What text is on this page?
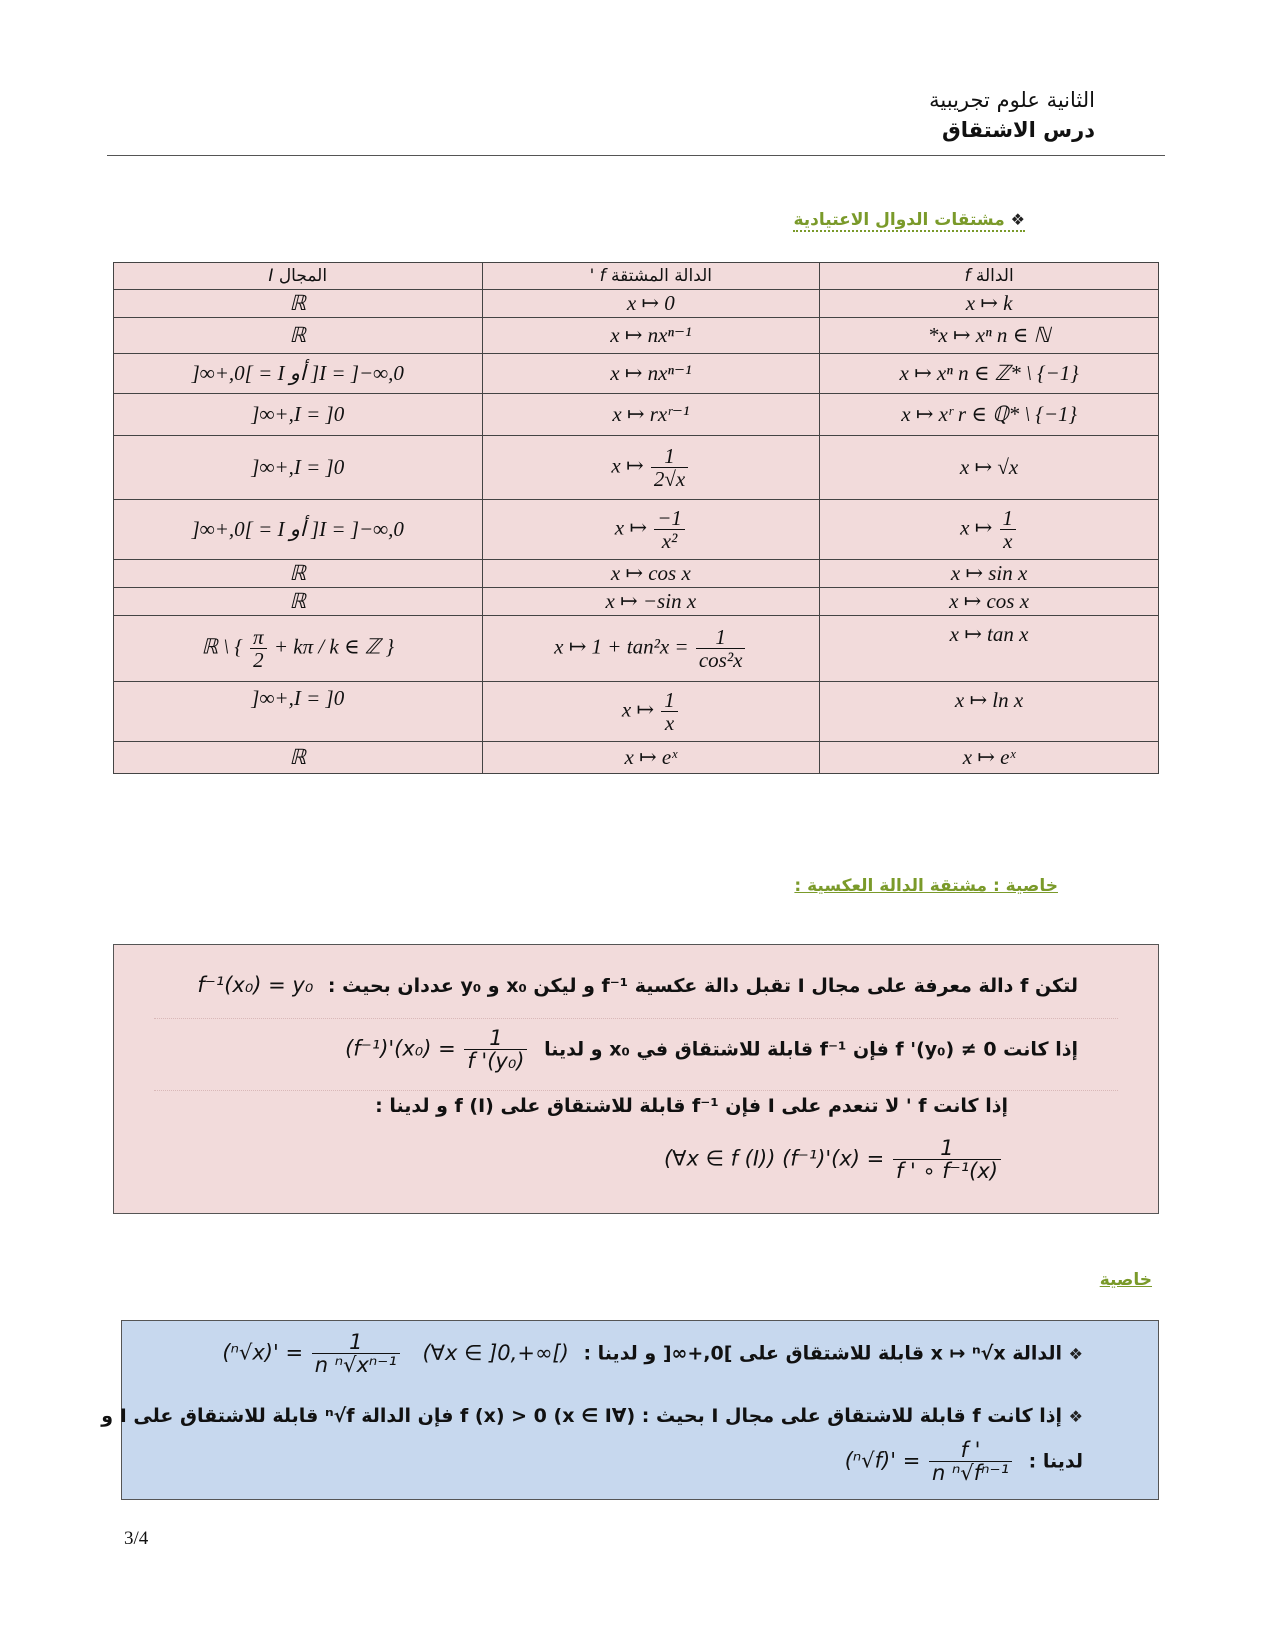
الثانية علوم تجريبية
درس الاشتقاق
❖ مشتقات الدوال الاعتيادية
الدالة f	الدالة المشتقة f '	المجال I
x ↦ k	x ↦ 0	ℝ
x ↦ xⁿ n ∈ ℕ*	x ↦ nxⁿ⁻¹	ℝ
x ↦ xⁿ n ∈ ℤ* \ {−1}	x ↦ nxⁿ⁻¹	I = ]−∞,0[ أو I = ]0,+∞[
x ↦ xʳ r ∈ ℚ* \ {−1}	x ↦ rxʳ⁻¹	I = ]0,+∞[
x ↦ √x	x ↦ $\frac{1}{2√x}$	I = ]0,+∞[
x ↦ $\frac{1}{x}$	x ↦ $\frac{-1}{\text{x²}}$	I = ]−∞,0[ أو I = ]0,+∞[
x ↦ sin x	x ↦ cos x	ℝ
x ↦ cos x	x ↦ −sin x	ℝ
x ↦ tan x	x ↦ $1 + \tan^2x = \frac{1}{\text{cos²x}}$	ℝ \ { $\frac{\pi}{2} + k\pi / k$ ∈ ℤ }
x ↦ ln x	x ↦ $\frac{1}{x}$	I = ]0,+∞[
x ↦ eˣ	x ↦ eˣ	ℝ
خاصية : مشتقة الدالة العكسية :
لتكن f دالة معرفة على مجال I تقبل دالة عكسية f⁻¹ و ليكن x₀ و y₀ عددان بحيث : f⁻¹(x₀) = y₀
إذا كانت f '(y₀) ≠ 0 فإن f⁻¹ قابلة للاشتقاق في x₀ و لدينا $(f^{-1})'(x_0) = \frac{1}{\text{f '(y₀)}}$
إذا كانت f ' لا تنعدم على I فإن f⁻¹ قابلة للاشتقاق على f (I) و لدينا :
(∀x ∈ f (I)) $(f^{-1})'(x) = \frac{1}{\text{f ' ∘ f⁻¹(x)}}$
خاصية
❖ الدالة x ↦ ⁿ√x قابلة للاشتقاق على ]0,+∞[ و لدينا : $(^n√x)' = \frac{1}{\text{n ⁿ√xⁿ⁻¹}}$ (∀x ∈ ]0,+∞[)
❖ إذا كانت f قابلة للاشتقاق على مجال I بحيث : (∀x ∈ I) f (x) > 0 فإن الدالة ⁿ√f قابلة للاشتقاق على I و
لدينا : $(^n√f)' = \frac{f '}{\text{n ⁿ√fⁿ⁻¹}}$
3/4
